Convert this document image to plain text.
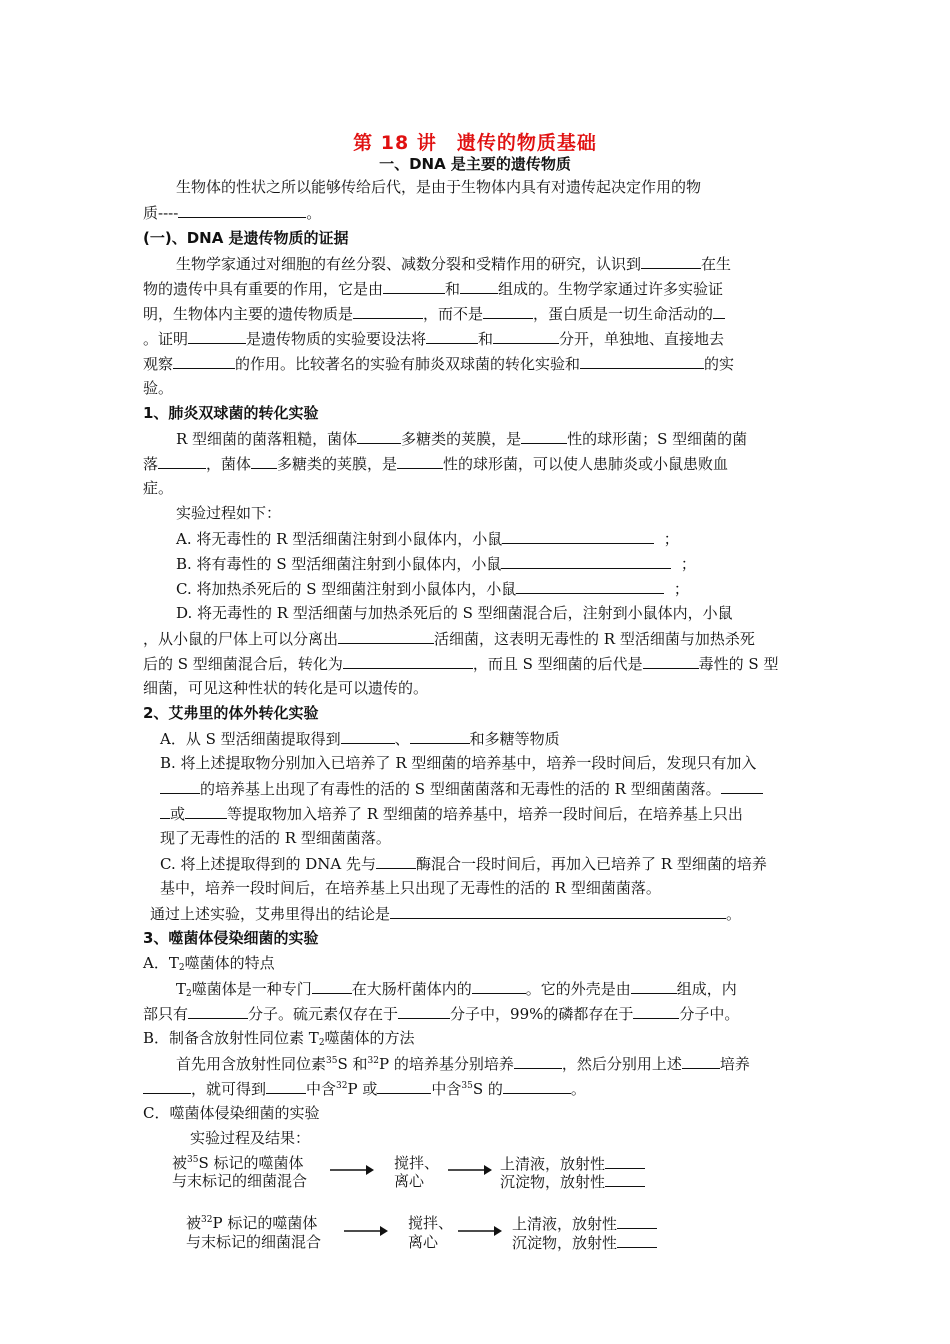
第 18 讲　遗传的物质基础
一、DNA 是主要的遗传物质
生物体的性状之所以能够传给后代，是由于生物体内具有对遗传起决定作用的物
质----	。
(一)、DNA 是遗传物质的证据
生物学家通过对细胞的有丝分裂、减数分裂和受精作用的研究，认识到	在生
物的遗传中具有重要的作用，它是由	和	组成的。生物学家通过许多实验证
明，生物体内主要的遗传物质是	，而不是	，蛋白质是一切生命活动的
。证明	是遗传物质的实验要设法将	和	分开，单独地、直接地去
观察	的作用。比较著名的实验有肺炎双球菌的转化实验和	的实
验。
1、肺炎双球菌的转化实验
R 型细菌的菌落粗糙，菌体	多糖类的荚膜，是	性的球形菌；S 型细菌的菌
落	，菌体 多糖类的荚膜，是	性的球形菌，可以使人患肺炎或小鼠患败血
症。
实验过程如下：
A. 将无毒性的 R 型活细菌注射到小鼠体内，小鼠	；
B. 将有毒性的 S 型活细菌注射到小鼠体内，小鼠	；
C. 将加热杀死后的 S 型细菌注射到小鼠体内，小鼠	；
D. 将无毒性的 R 型活细菌与加热杀死后的 S 型细菌混合后，注射到小鼠体内，小鼠
，从小鼠的尸体上可以分离出	活细菌，这表明无毒性的 R 型活细菌与加热杀死
后的 S 型细菌混合后，转化为	，而且 S 型细菌的后代是	毒性的 S 型
细菌，可见这种性状的转化是可以遗传的。
2、艾弗里的体外转化实验
A．从 S 型活细菌提取得到	、	和多糖等物质
B. 将上述提取物分别加入已培养了 R 型细菌的培养基中，培养一段时间后，发现只有加入
的培养基上出现了有毒性的活的 S 型细菌菌落和无毒性的活的 R 型细菌菌落。
或	等提取物加入培养了 R 型细菌的培养基中，培养一段时间后，在培养基上只出
现了无毒性的活的 R 型细菌菌落。
C. 将上述提取得到的 DNA 先与	酶混合一段时间后，再加入已培养了 R 型细菌的培养
基中，培养一段时间后，在培养基上只出现了无毒性的活的 R 型细菌菌落。
通过上述实验，艾弗里得出的结论是	。
3、噬菌体侵染细菌的实验
A．$T_2$噬菌体的特点
$T_2$噬菌体是一种专门	在大肠杆菌体内的	。它的外壳是由	组成，内
部只有	分子。硫元素仅存在于	分子中，99%的磷都存在于	分子中。
B．制备含放射性同位素 $T_2$噬菌体的方法
首先用含放射性同位素$^{35}$S 和$^{32}$P 的培养基分别培养	，然后分别用上述	培养
，就可得到	中含$^{32}$P 或	中含$^{35}$S 的	。
C．噬菌体侵染细菌的实验
实验过程及结果：
被$^{35}$S 标记的噬菌体
与末标记的细菌混合
搅拌、
离心
上清液，放射性
沉淀物，放射性
被$^{32}$P 标记的噬菌体
与末标记的细菌混合
搅拌、
离心
上清液，放射性
沉淀物，放射性
